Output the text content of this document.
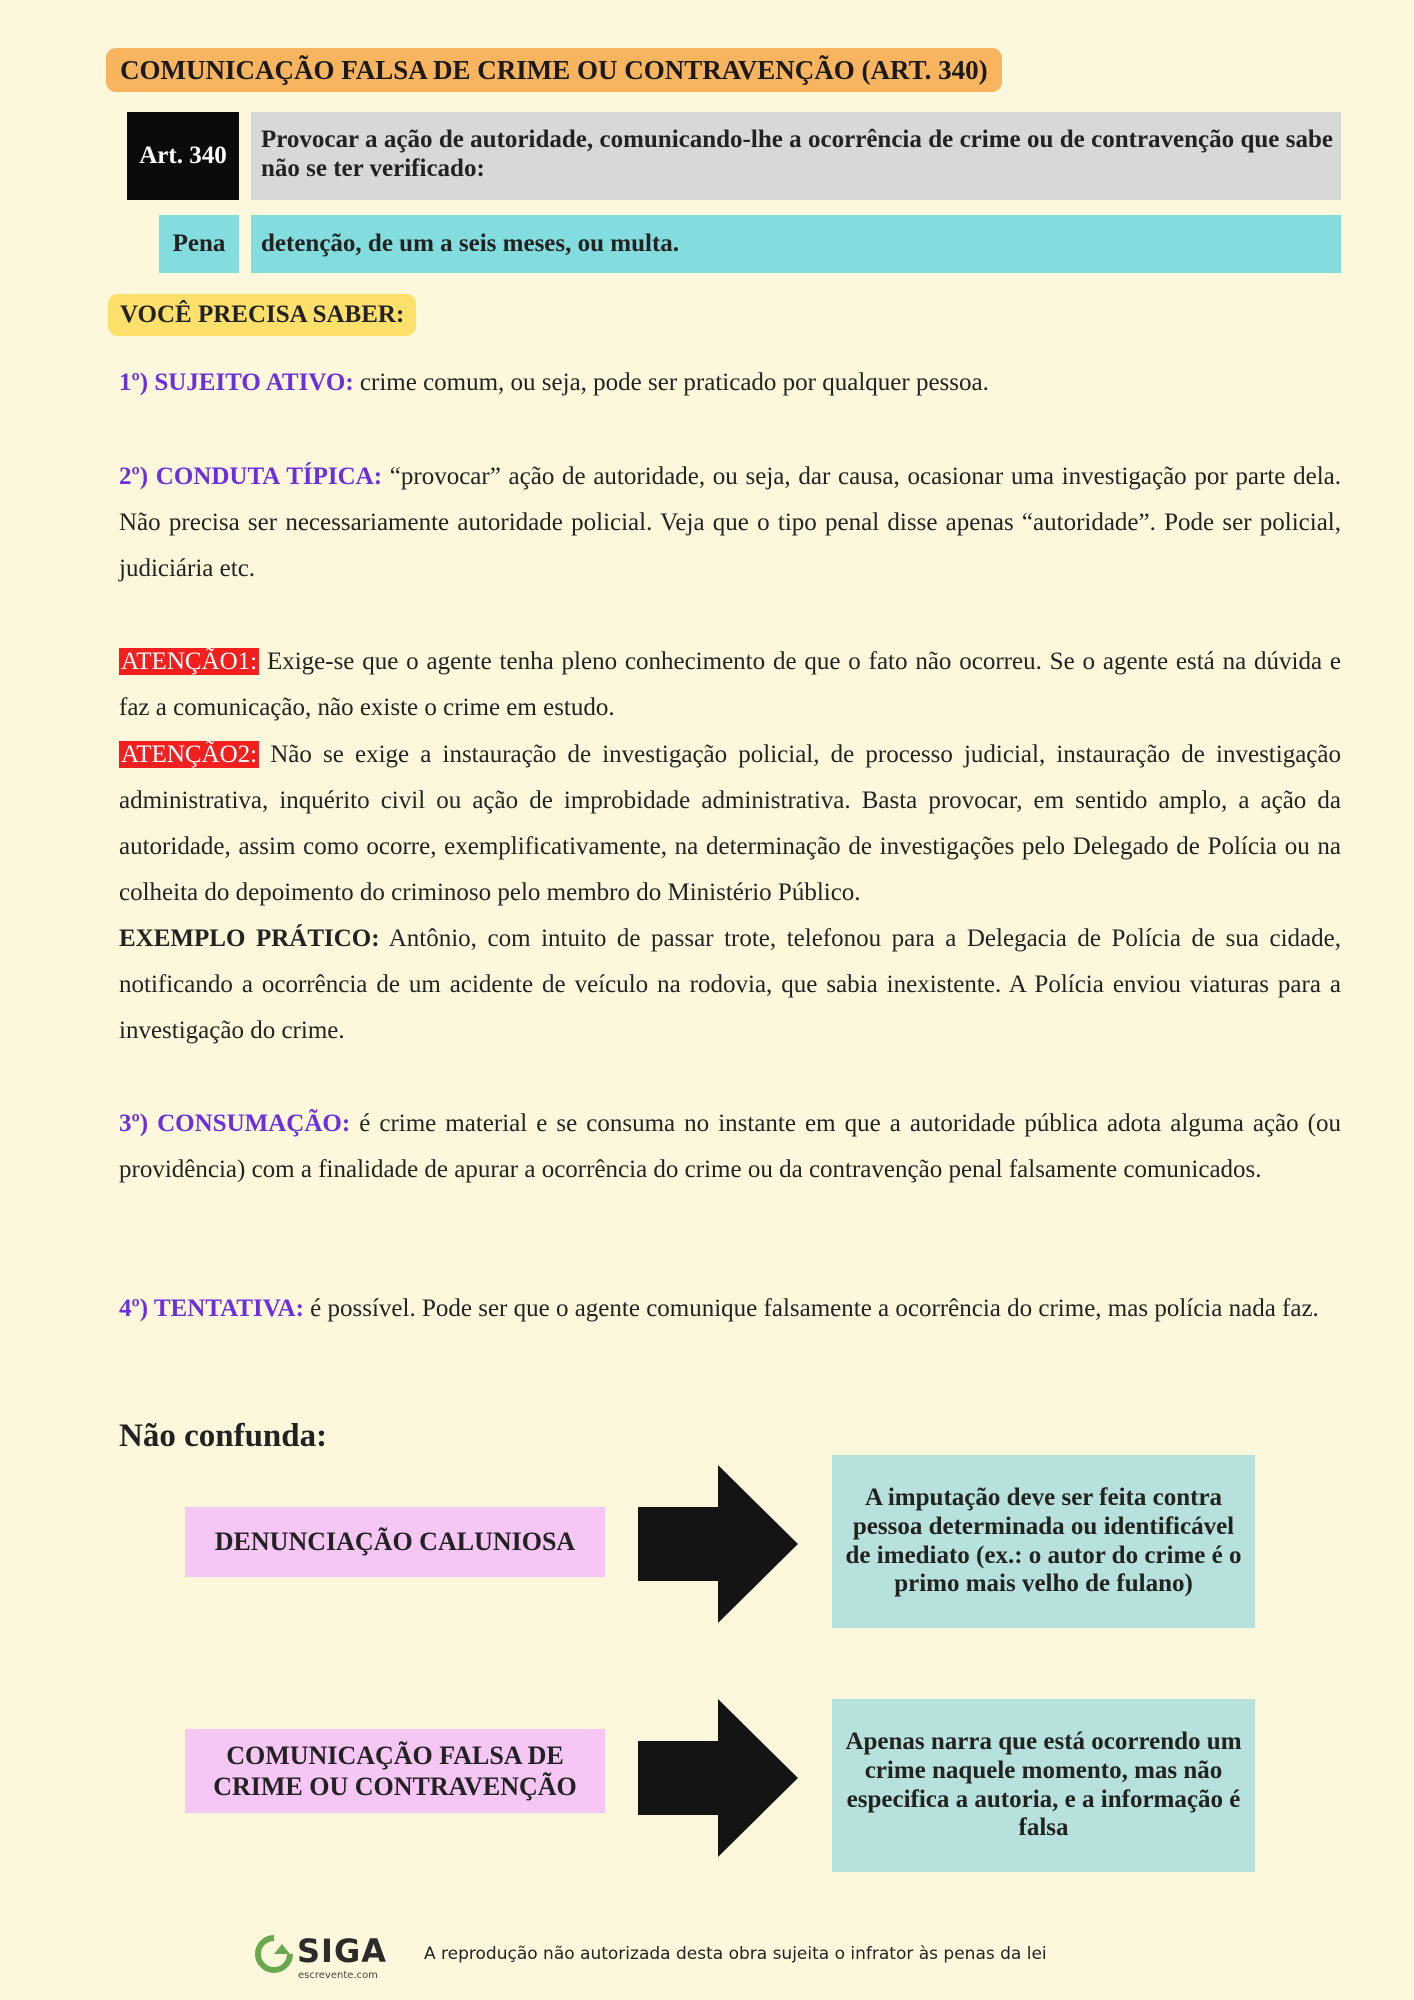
COMUNICAÇÃO FALSA DE CRIME OU CONTRAVENÇÃO (ART. 340)
Art. 340
Provocar a ação de autoridade, comunicando-lhe a ocorrência de crime ou de contravenção que sabe não se ter verificado:
Pena	detenção, de um a seis meses, ou multa.
VOCÊ PRECISA SABER:
1º) SUJEITO ATIVO: crime comum, ou seja, pode ser praticado por qualquer pessoa.
2º) CONDUTA TÍPICA: “provocar” ação de autoridade, ou seja, dar causa, ocasionar uma investigação por parte dela. Não precisa ser necessariamente autoridade policial. Veja que o tipo penal disse apenas “autoridade”. Pode ser policial, judiciária etc.
ATENÇÃO1: Exige-se que o agente tenha pleno conhecimento de que o fato não ocorreu. Se o agente está na dúvida e faz a comunicação, não existe o crime em estudo.
ATENÇÃO2: Não se exige a instauração de investigação policial, de processo judicial, instauração de investigação administrativa, inquérito civil ou ação de improbidade administrativa. Basta provocar, em sentido amplo, a ação da autoridade, assim como ocorre, exemplificativamente, na determinação de investigações pelo Delegado de Polícia ou na colheita do depoimento do criminoso pelo membro do Ministério Público.
EXEMPLO PRÁTICO: Antônio, com intuito de passar trote, telefonou para a Delegacia de Polícia de sua cidade, notificando a ocorrência de um acidente de veículo na rodovia, que sabia inexistente. A Polícia enviou viaturas para a investigação do crime.
3º) CONSUMAÇÃO: é crime material e se consuma no instante em que a autoridade pública adota alguma ação (ou providência) com a finalidade de apurar a ocorrência do crime ou da contravenção penal falsamente comunicados.
4º) TENTATIVA: é possível. Pode ser que o agente comunique falsamente a ocorrência do crime, mas polícia nada faz.
Não confunda:
DENUNCIAÇÃO CALUNIOSA
A imputação deve ser feita contra pessoa determinada ou identificável de imediato (ex.: o autor do crime é o primo mais velho de fulano)
COMUNICAÇÃO FALSA DE CRIME OU CONTRAVENÇÃO
Apenas narra que está ocorrendo um crime naquele momento, mas não especifica a autoria, e a informação é falsa
SIGA
escrevente.com
A reprodução não autorizada desta obra sujeita o infrator às penas da lei
